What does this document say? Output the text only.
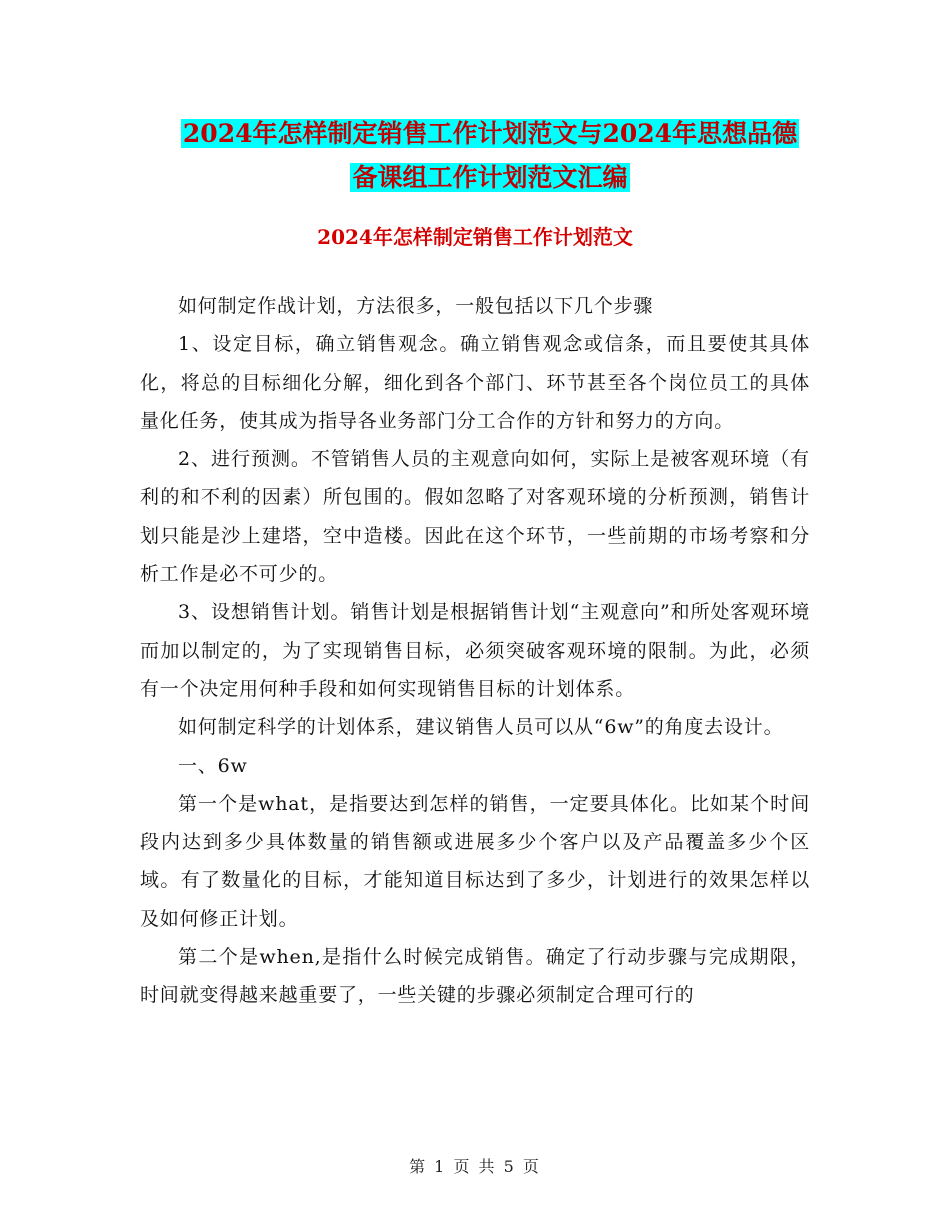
2024年怎样制定销售工作计划范文与2024年思想品德
备课组工作计划范文汇编
2024年怎样制定销售工作计划范文

如何制定作战计划，方法很多，一般包括以下几个步骤

1、设定目标，确立销售观念。确立销售观念或信条，而且要使其具体化，将总的目标细化分解，细化到各个部门、环节甚至各个岗位员工的具体量化任务，使其成为指导各业务部门分工合作的方针和努力的方向。

2、进行预测。不管销售人员的主观意向如何，实际上是被客观环境（有利的和不利的因素）所包围的。假如忽略了对客观环境的分析预测，销售计划只能是沙上建塔，空中造楼。因此在这个环节，一些前期的市场考察和分析工作是必不可少的。

3、设想销售计划。销售计划是根据销售计划“主观意向”和所处客观环境而加以制定的，为了实现销售目标，必须突破客观环境的限制。为此，必须有一个决定用何种手段和如何实现销售目标的计划体系。

如何制定科学的计划体系，建议销售人员可以从“6w”的角度去设计。

一、6w

第一个是what，是指要达到怎样的销售，一定要具体化。比如某个时间段内达到多少具体数量的销售额或进展多少个客户以及产品覆盖多少个区域。有了数量化的目标，才能知道目标达到了多少，计划进行的效果怎样以及如何修正计划。

第二个是when,是指什么时候完成销售。确定了行动步骤与完成期限，时间就变得越来越重要了，一些关键的步骤必须制定合理可行的

第 1 页 共 5 页
